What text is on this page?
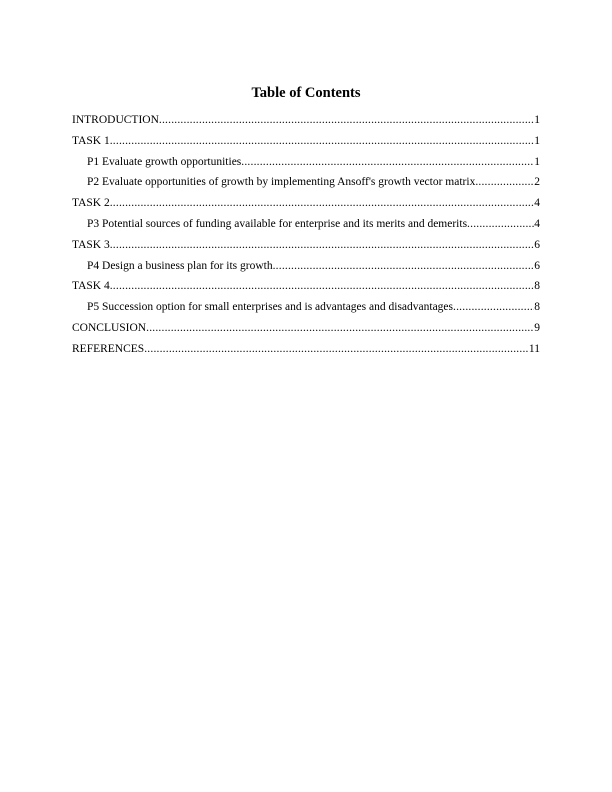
Table of Contents
INTRODUCTION .....	1
TASK 1 .....	1
P1 Evaluate growth opportunities .....	1
P2 Evaluate opportunities of growth by implementing Ansoff's growth vector matrix .....	2
TASK 2 .....	4
P3 Potential sources of funding available for enterprise and its merits and demerits .....	4
TASK 3 .....	6
P4 Design a business plan for its growth .....	6
TASK 4 .....	8
P5 Succession option for small enterprises and is advantages and disadvantages .....	8
CONCLUSION .....	9
REFERENCES .....	11
